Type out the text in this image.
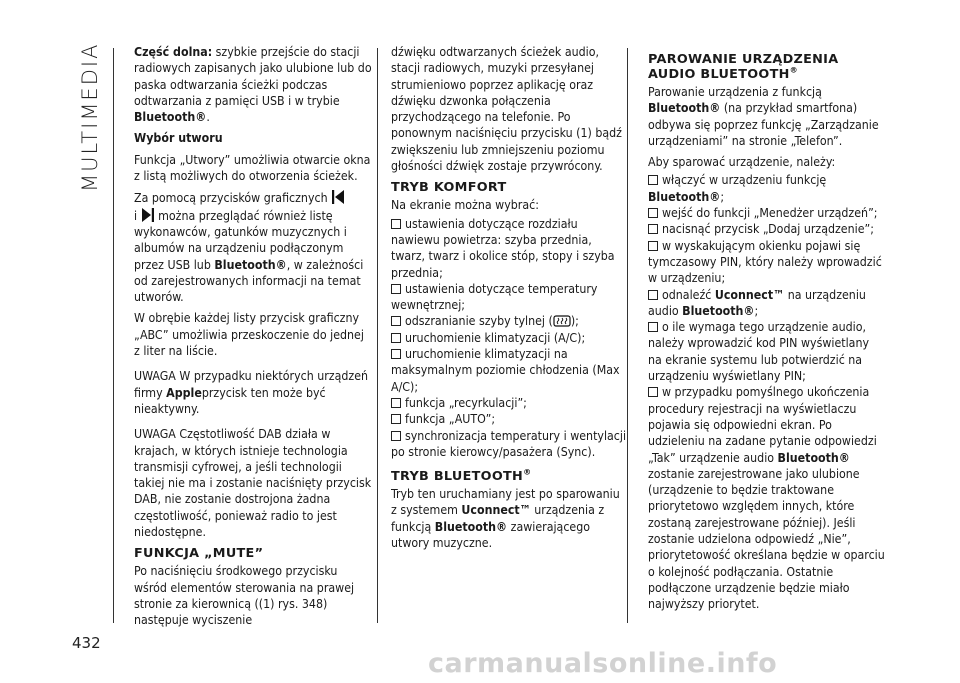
MULTIMEDIA	Część dolna: szybkie przejście do stacji radiowych zapisanych jako ulubione lub do paska odtwarzania ścieżki podczas odtwarzania z pamięci USB i w trybie Bluetooth®.

Wybór utworu

Funkcja „Utwory” umożliwia otwarcie okna z listą możliwych do otworzenia ścieżek.

Za pomocą przycisków graficznych
i  można przeglądać również listę wykonawców, gatunków muzycznych i albumów na urządzeniu podłączonym przez USB lub Bluetooth®, w zależności od zarejestrowanych informacji na temat utworów.

W obrębie każdej listy przycisk graficzny „ABC” umożliwia przeskoczenie do jednej z liter na liście.

UWAGA W przypadku niektórych urządzeń firmy Appleprzycisk ten może być nieaktywny.

UWAGA Częstotliwość DAB działa w krajach, w których istnieje technologia transmisji cyfrowej, a jeśli technologii takiej nie ma i zostanie naciśnięty przycisk DAB, nie zostanie dostrojona żadna częstotliwość, ponieważ radio to jest niedostępne.

FUNKCJA „MUTE”

Po naciśnięciu środkowego przycisku wśród elementów sterowania na prawej stronie za kierownicą ((1) rys. 348) następuje wyciszenie

dźwięku odtwarzanych ścieżek audio, stacji radiowych, muzyki przesyłanej strumieniowo poprzez aplikację oraz dźwięku dzwonka połączenia przychodzącego na telefonie. Po ponownym naciśnięciu przycisku (1) bądź zwiększeniu lub zmniejszeniu poziomu głośności dźwięk zostaje przywrócony.

TRYB KOMFORT

Na ekranie można wybrać:

ustawienia dotyczące rozdziału nawiewu powietrza: szyba przednia, twarz, twarz i okolice stóp, stopy i szyba przednia;
ustawienia dotyczące temperatury wewnętrznej;
odszranianie szyby tylnej ( );
uruchomienie klimatyzacji (A/C);
uruchomienie klimatyzacji na maksymalnym poziomie chłodzenia (Max A/C);
funkcja „recyrkulacji”;
funkcja „AUTO”;
synchronizacja temperatury i wentylacji po stronie kierowcy/pasażera (Sync).
TRYB BLUETOOTH®

Tryb ten uruchamiany jest po sparowaniu z systemem Uconnect™ urządzenia z funkcją Bluetooth® zawierającego utwory muzyczne.

PAROWANIE URZĄDZENIA
AUDIO BLUETOOTH®

Parowanie urządzenia z funkcją Bluetooth® (na przykład smartfona) odbywa się poprzez funkcję „Zarządzanie urządzeniami” na stronie „Telefon”.

Aby sparować urządzenie, należy:

włączyć w urządzeniu funkcję Bluetooth®;
wejść do funkcji „Menedżer urządzeń”;
nacisnąć przycisk „Dodaj urządzenie”;
w wyskakującym okienku pojawi się tymczasowy PIN, który należy wprowadzić w urządzeniu;
odnaleźć Uconnect™ na urządzeniu audio Bluetooth®;
o ile wymaga tego urządzenie audio, należy wprowadzić kod PIN wyświetlany na ekranie systemu lub potwierdzić na urządzeniu wyświetlany PIN;
w przypadku pomyślnego ukończenia procedury rejestracji na wyświetlaczu pojawia się odpowiedni ekran. Po udzieleniu na zadane pytanie odpowiedzi „Tak” urządzenie audio Bluetooth® zostanie zarejestrowane jako ulubione (urządzenie to będzie traktowane priorytetowo względem innych, które zostaną zarejestrowane później). Jeśli zostanie udzielona odpowiedź „Nie”, priorytetowość określana będzie w oparciu o kolejność podłączania. Ostatnie podłączone urządzenie będzie miało najwyższy priorytet.
432
carmanualsonline.info
